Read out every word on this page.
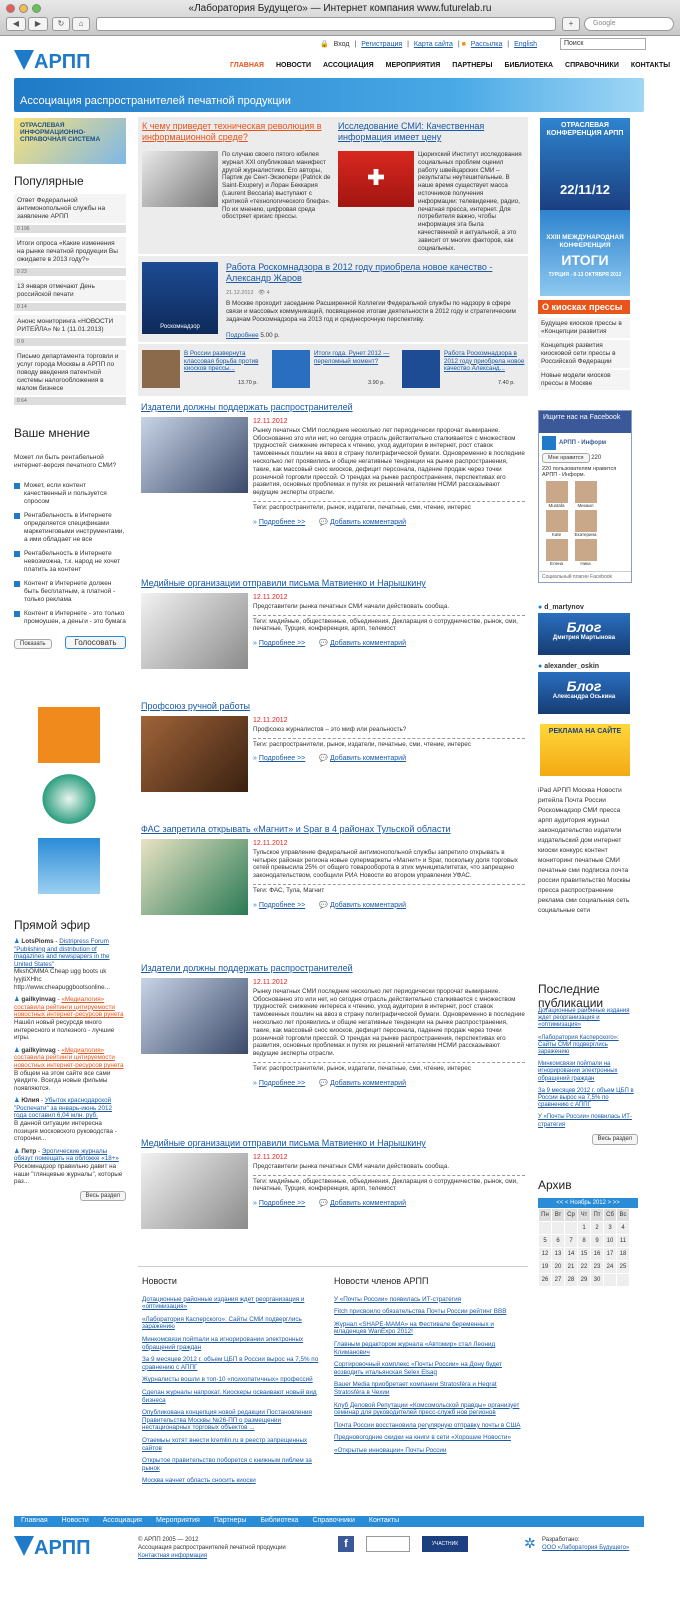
«Лаборатория Будущего» — Интернет компания www.futurelab.ru
◀	▶	↻	⌂	+	Google
АРПП
🔒 Вход | Регистрация | Карта сайта | ■ Рассылка | English	Поиск
ГЛАВНАЯ НОВОСТИ АССОЦИАЦИЯ МЕРОПРИЯТИЯ ПАРТНЕРЫ БИБЛИОТЕКА СПРАВОЧНИКИ КОНТАКТЫ
Ассоциация распространителей печатной продукции
ОТРАСЛЕВАЯ ИНФОРМАЦИОННО-СПРАВОЧНАЯ СИСТЕМА
Популярные
Ответ Федеральной антимонопольной службы на заявление АРПП
0 196
Итоги опроса «Какие изменения на рынке печатной продукции Вы ожидаете в 2013 году?»
0 23
13 января отмечают День российской печати
0 14
Анонс мониторинга «НОВОСТИ РИТЕЙЛА» № 1 (11.01.2013)
0 9
Письмо департамента торговли и услуг города Москвы в АРПП по поводу введения патентной системы налогообложения в малом бизнесе
0 64
Ваше мнение
Может ли быть рентабельной интернет-версия печатного СМИ?
Может, если контент качественный и пользуется спросом
Рентабельность в Интернете определяется спецификами маркетинговыми инструментами, а ими обладает не все
Рентабельность в Интернете невозможна, т.к. народ не хочет платить за контент
Контент в Интернете должен быть бесплатным, а платной - только реклама
Контент в Интернете - это только промоушен, а деньги - это бумага
Показать	Голосовать
Прямой эфир
♟ LotsPioms - Distripress Forum "Publishing and distribution of magazines and newspapers in the United States"
MkshOMMA Cheap ugg boots uk lyyjtiXHhc http://www.cheapuggbootsonline...
♟ gailkyinvag - «Медиалогия» составила рейтинги цитируемости новостных интернет-ресурсов рунета
Нашёл новый ресурсдв много интересного и полезного - лучшие игры.
♟ gailkyinvag - «Медиалогия» составила рейтинги цитируемости новостных интернет-ресурсов рунета
В общем на этом сайте все сами увидите. Всегда новые фильмы появляются.
♟ Юлия - Убыток краснодарской "Роспечати" за январь-июнь 2012 года составил 6,04 млн. руб.
В данной ситуации интересна позиция московского руководства - сторонни...
♟ Петр - Эротические журналы обязут помещать на обложке «18+»
Роскомнадзор правильно давит на наши "глянцевые журналы", которые раз...
Весь раздел
К чему приведет техническая революция в информационной среде?
По случаю своего пятого юбилея журнал XXI опубликовал манифест другой журналистики. Его авторы, Партик де Сент-Экзюпери (Patrick de Saint-Exupery) и Лоран Беккария (Laurent Beccaria) выступают с критикой «технологического блефа». По их мнению, цифровая среда обостряет кризис прессы.
Исследование СМИ: Качественная информация имеет цену
Цюрихский Институт исследования социальных проблем оценил работу швейцарских СМИ – результаты неутешительные. В наше время существует масса источников получения информации: телевидение, радио, печатная пресса, интернет. Для потребителя важно, чтобы информация эта была качественной и актуальной, а это зависит от многих факторов, как социальных.
Роскомнадзор
Работа Роскомнадзора в 2012 году приобрела новое качество - Александр Жаров
21.12.2012 👁 4
В Москве проходит заседание Расширенной Коллегии Федеральной службы по надзору в сфере связи и массовых коммуникаций, посвященное итогам деятельности в 2012 году и стратегическим задачам Роскомнадзора на 2013 год и среднесрочную перспективу.
Подробнее 5.00 р.
В России развернута классовая борьба против киосков прессы...
13.70 р.
Итоги года. Рунет 2012 — переломный момент?
3.90 р.
Работа Роскомнадзора в 2012 году приобрела новое качество Александ...
7.40 р.
Издатели должны поддержать распространителей
12.11.2012
Рынку печатных СМИ последние несколько лет периодически пророчат вымирание. Обоснованно это или нет, но сегодня отрасль действительно сталкивается с множеством трудностей: снижение интереса к чтению, уход аудитории в интернет, рост ставок таможенных пошлин на ввоз в страну полиграфической бумаги. Одновременно в последние несколько лет проявились и общие негативные тенденции на рынке распространения, такие, как массовый снос киосков, дефицит персонала, падение продаж через точки розничной торговли прессой. О трендах на рынке распространения, перспективах его развития, основных проблемах и путях их решений читателям НСМИ рассказывают ведущие эксперты отрасли.
Теги: распространители, рынок, издатели, печатные, сми, чтение, интерес
» Подробнее >> 💬 Добавить комментарий
Медийные организации отправили письма Матвиенко и Нарышкину
12.11.2012
Представители рынка печатных СМИ начали действовать сообща.
Теги: медийные, общественные, объединения, Декларация о сотрудничестве, рынок, сми, печатные, Турция, конференция, арпп, телемост
» Подробнее >> 💬 Добавить комментарий
Профсоюз ручной работы
12.11.2012
Профсоюз журналистов – это миф или реальность?
Теги: распространители, рынок, издатели, печатные, сми, чтение, интерес
» Подробнее >> 💬 Добавить комментарий
ФАС запретила открывать «Магнит» и Spar в 4 районах Тульской области
12.11.2012
Тульское управление федеральной антимонопольной службы запретило открывать в четырех районах региона новые супермаркеты «Магнит» и Spar, поскольку доля торговых сетей превысила 25% от общего товарооборота в этих муниципалитетах, что запрещено законодательством, сообщили РИА Новости во втором управлении УФАС.
Теги: ФАС, Тула, Магнит
» Подробнее >> 💬 Добавить комментарий
Издатели должны поддержать распространителей
12.11.2012
Рынку печатных СМИ последние несколько лет периодически пророчат вымирание. Обоснованно это или нет, но сегодня отрасль действительно сталкивается с множеством трудностей: снижение интереса к чтению, уход аудитории в интернет, рост ставок таможенных пошлин на ввоз в страну полиграфической бумаги. Одновременно в последние несколько лет проявились и общие негативные тенденции на рынке распространения, такие, как массовый снос киосков, дефицит персонала, падение продаж через точки розничной торговли прессой. О трендах на рынке распространения, перспективах его развития, основных проблемах и путях их решений читателям НСМИ рассказывают ведущие эксперты отрасли.
Теги: распространители, рынок, издатели, печатные, сми, чтение, интерес
» Подробнее >> 💬 Добавить комментарий
Медийные организации отправили письма Матвиенко и Нарышкину
12.11.2012
Представители рынка печатных СМИ начали действовать сообща.
Теги: медийные, общественные, объединения, Декларация о сотрудничестве, рынок, сми, печатные, Турция, конференция, арпп, телемост
» Подробнее >> 💬 Добавить комментарий
ОТРАСЛЕВАЯ КОНФЕРЕНЦИЯ АРПП
22/11/12
XXIII МЕЖДУНАРОДНАЯ КОНФЕРЕНЦИЯ
ИТОГИ
ТУРЦИЯ - 8-13 ОКТЯБРЯ 2012
О киосках прессы
Будущее киосков прессы в «Концепции развития
Концепция развития киосковой сети прессы в Российской Федерации
Новые модели киосков прессы в Москве
Ищите нас на Facebook
АРПП - Информ
Мне нравится 220
220 пользователям нравится АРПП - Информ.
Mustafa	Михаил
Kate	Екатерина
Елена	Ника
Социальный плагин Facebook
● d_martynov
Блог
Дмитрия Мартынова
● alexander_oskin
Блог
Александра Оськина
РЕКЛАМА НА САЙТЕ
iPad АРПП Москва Новости ритейла Почта России Роскомнадзор СМИ пресса арпп аудитория журнал законодательство издатели издательский дом интернет киоски конкурс контент мониторинг печатные СМИ печатные сми подписка почта россии правительство Москвы пресса распространение реклама сми социальная сеть социальные сети
Последние публикации
Дотационные районные издания ждет реорганизация и «оптимизация»
«Лаборатория Касперского»: Сайты СМИ подверглись заражению
Минкомсвязи пойmали на игнорировании электронных обращений граждан
За 9 месяцев 2012 г. объем ЦБП в России вырос на 7,5% по сравнению с АППГ
У «Почты России» появилась ИТ-стратегия
Весь раздел
Архив
<< < Ноябрь 2012 > >>
Пн	Вт	Ср	Чт	Пт	Сб	Вс
			1	2	3	4
5	6	7	8	9	10	11
12	13	14	15	16	17	18
19	20	21	22	23	24	25
26	27	28	29	30		
Новости
Дотационные районные издания ждет реорганизация и «оптимизация»
«Лаборатория Касперского»: Сайты СМИ подверглись заражению
Минкомсвязи пойmали на игнорировании электронных обращений граждан
За 9 месяцев 2012 г. объем ЦБП в России вырос на 7,5% по сравнению с АППГ
Журналисты вошли в топ-10 «психопатичных» профессий
Сделан журналы напрокат. Киоскеры осваивают новый вид бизнеса
Опубликована концепция новой редакции Постановления Правительства Москвы №26-ПП о размещении нестационарных торговых объектов ...
Отаемыы хотят внести kremlin.ru в реестр запрещенных сайтов
Открытое правительство поборется с книжным пиблем за рынок
Москва начнет область сносить киоски
Новости членов АРПП
У «Почты России» появилась ИТ-стратегия
Fitch присвоило обязательства Почты России рейтинг BBB
Журнал «SHAPE-МАМА» на Фестивале беременных и младенцев WanExpo 2012!
Главным редактором журнала «Автомир» стал Леонид Климанович
Сортировочный комплекс «Почты России» на Дону будет возводить итальянская Selex Elsag
Bauer Media приобретает компании Stratosféra и Heqrat Stratosféra в Чехии
Клуб Деловой Репутации «Комсомольской правды» организует семинар для руководителей пресс-служб нов регионов
Почта России восстановила регулярную отправку почты в США
Предновогодние скидки на книги в сети «Хорошие Новости»
«Открытые инновации» Почты России
Главная Новости Ассоциация Мероприятия Партнеры Библиотека Справочники Контакты
АРПП	© АРПП 2005 — 2012
Ассоциация распространителей печатной продукции
Контактная информация
f	УЧАСТНИК	✲ Разработано:
ООО «Лаборатория Будущего»
